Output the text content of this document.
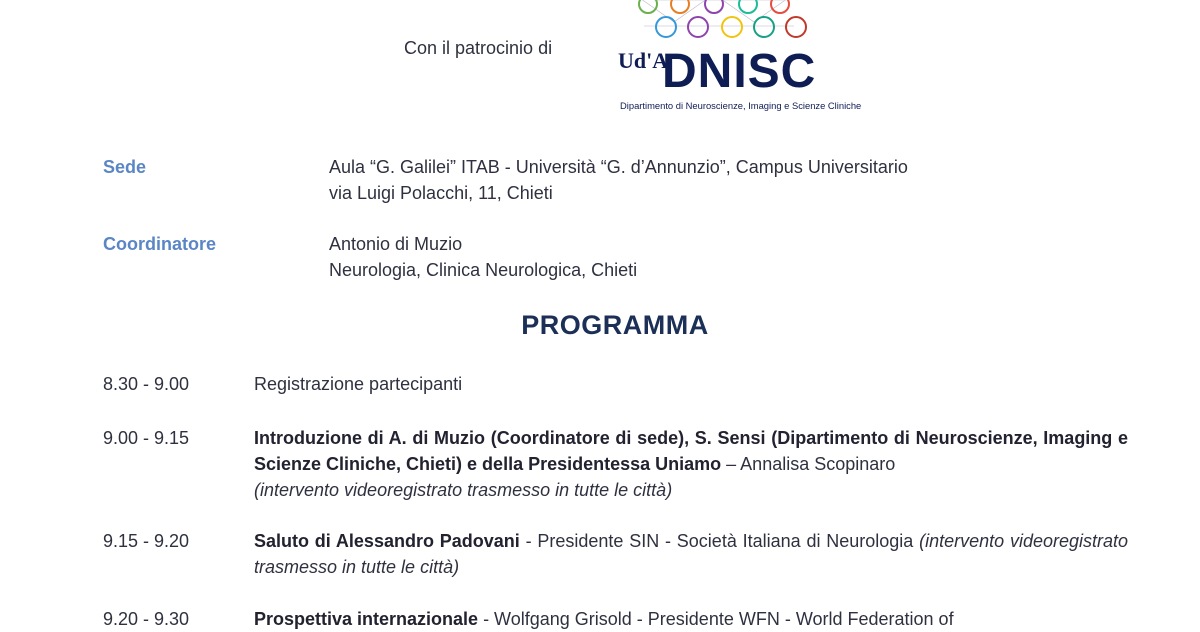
Con il patrocinio di	Ud'A
DNISC
Dipartimento di Neuroscienze, Imaging e Scienze Cliniche
Sede	Aula “G. Galilei” ITAB - Università “G. d’Annunzio”, Campus Universitario
via Luigi Polacchi, 11, Chieti
Coordinatore	Antonio di Muzio
Neurologia, Clinica Neurologica, Chieti
PROGRAMMA
8.30 - 9.00	Registrazione partecipanti
9.00 - 9.15	Introduzione di A. di Muzio (Coordinatore di sede), S. Sensi (Dipartimento di Neuroscienze, Imaging e Scienze Cliniche, Chieti) e della Presidentessa Uniamo – Annalisa Scopinaro
(intervento videoregistrato trasmesso in tutte le città)
9.15 - 9.20	Saluto di Alessandro Padovani - Presidente SIN - Società Italiana di Neurologia (intervento videoregistrato trasmesso in tutte le città)
9.20 - 9.30	Prospettiva internazionale - Wolfgang Grisold - Presidente WFN - World Federation of
